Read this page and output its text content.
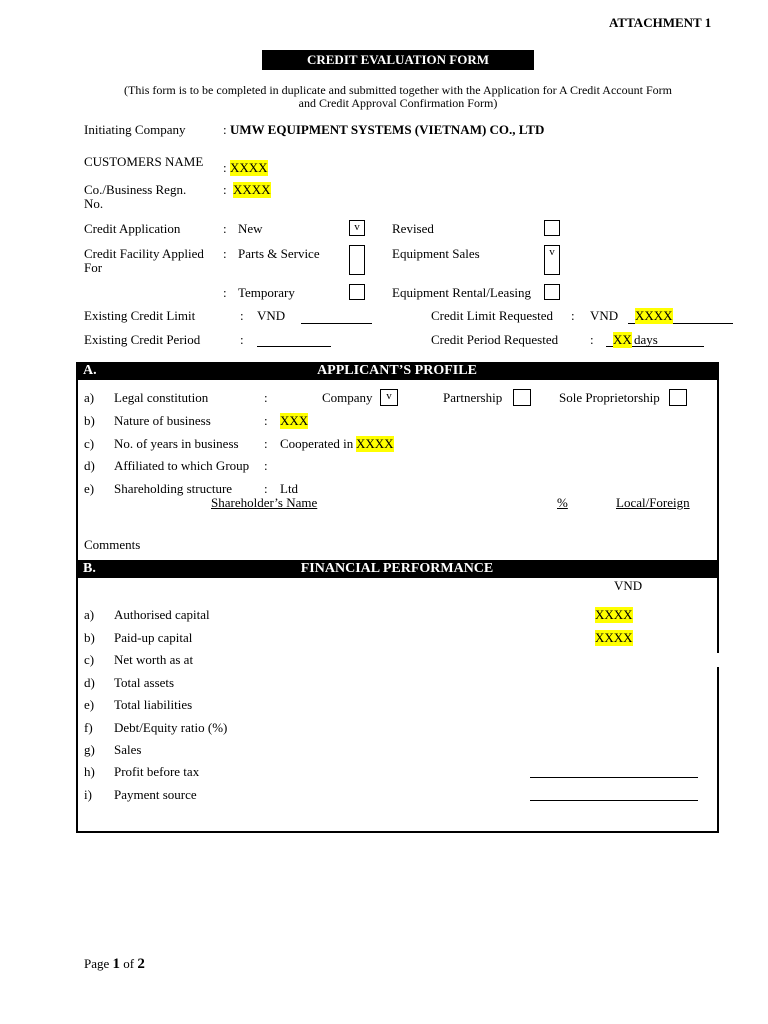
ATTACHMENT 1
CREDIT EVALUATION FORM
(This form is to be completed in duplicate and submitted together with the Application for A Credit Account Form
and Credit Approval Confirmation Form)
Initiating Company	: UMW EQUIPMENT SYSTEMS (VIETNAM) CO., LTD
CUSTOMERS NAME : XXXX
Co./Business Regn.
No.
: XXXX
Credit Application	: New	v	Revised
Credit Facility Applied
For
: Parts & Service	Equipment Sales	v
: Temporary	Equipment Rental/Leasing
Existing Credit Limit	: VND	Credit Limit Requested : VND XXXX
Existing Credit Period	:	Credit Period Requested : XX days
A.	APPLICANT’S PROFILE
a) Legal constitution	:	Company	v	Partnership	Sole Proprietorship
b) Nature of business	: XXX
c) No. of years in business : Cooperated in XXXX
d) Affiliated to which Group :
e) Shareholding structure : Ltd
Shareholder’s Name	%	Local/Foreign
Comments
B.	FINANCIAL PERFORMANCE
VND
a) Authorised capital	XXXX
b) Paid-up capital	XXXX
c) Net worth as at
d) Total assets
e) Total liabilities
f) Debt/Equity ratio (%)
g) Sales
h) Profit before tax
i) Payment source
Page 1 of 2
